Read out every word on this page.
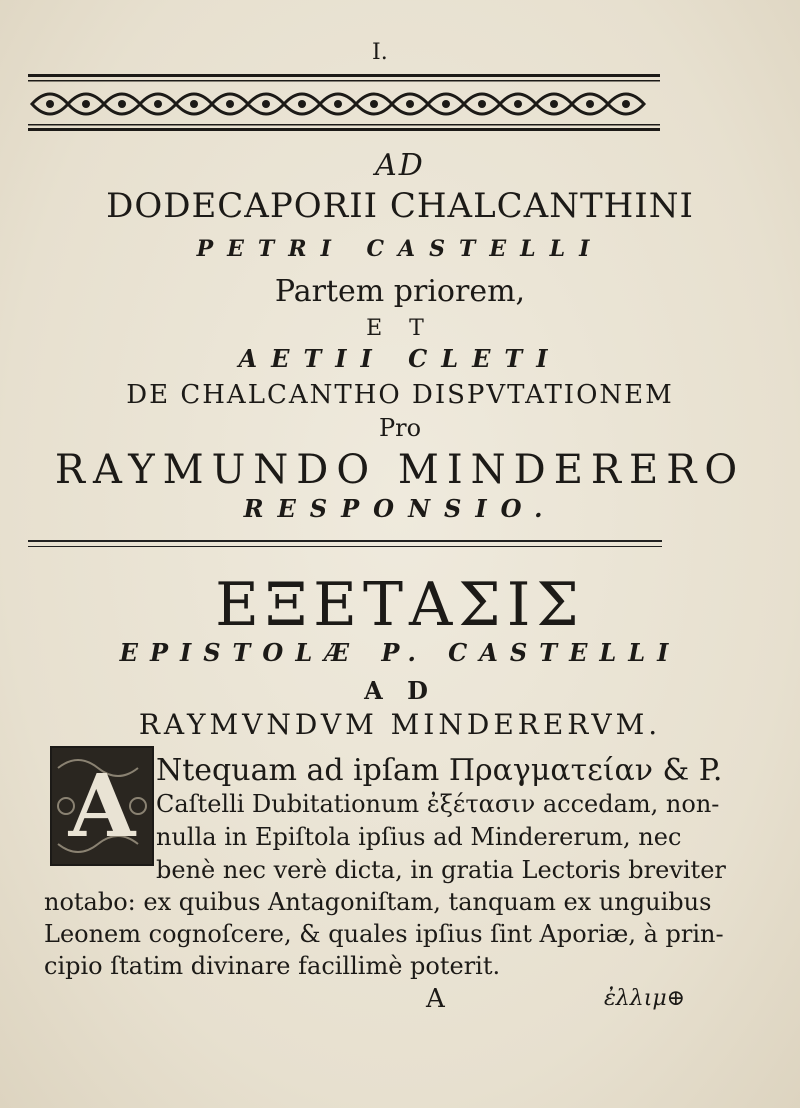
I.
AD
DODECAPORII CHALCANTHINI
PETRI CASTELLI
Partem priorem,
E T
AETII CLETI
DE CHALCANTHO DISPVTATIONEM
Pro
RAYMUNDO MINDERERO
RESPONSIO.
ΕΞΕΤΑΣΙΣ
EPISTOLÆ P. CASTELLI
A D
RAYMVNDVM MINDERERVM.
A Ntequam ad ipſam Πραγματείαν & P.
Caſtelli Dubitationum ἐξέτασιν accedam, non-
nulla in Epiſtola ipſius ad Mindererum, nec
benè nec verè dicta, in gratia Lectoris breviter
notabo: ex quibus Antagoniſtam, tanquam ex unguibus
Leonem cognoſcere, & quales ipſius ſint Aporiæ, à prin-
cipio ſtatim divinare facillimè poterit.
A	ἐλλιμ⊕
